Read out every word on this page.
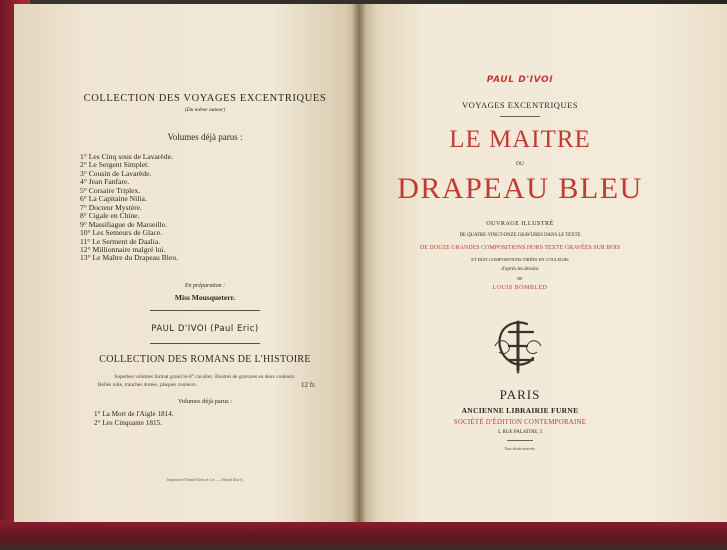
COLLECTION DES VOYAGES EXCENTRIQUES
(Du même auteur)
Volumes déjà parus :
1° Les Cinq sous de Lavarède.
2° Le Sergent Simplet.
3° Cousin de Lavarède.
4° Jean Fanfare.
5° Corsaire Triplex.
6° La Capitaine Nilia.
7° Docteur Mystère.
8° Cigale en Chine.
9° Massiliague de Marseille.
10° Les Semeurs de Glace.
11° Le Serment de Daalia.
12° Millionnaire malgré lui.
13° Le Maître du Drapeau Bleu.
En préparation :
Miss Mousqueterr.
PAUL D'IVOI (Paul Eric)
COLLECTION DES ROMANS DE L'HISTOIRE
Superbes volumes format grand in-8° cavalier, illustrés de gravures en deux couleurs.
Reliés toile, tranches dorées, plaques couleurs.	12 fr.
Volumes déjà parus :
1° La Mort de l'Aigle 1814.
2° Les Cinquante 1815.
Imprimerie Firmin-Didot et Cie. — Mesnil (Eure).
PAUL D'IVOI
VOYAGES EXCENTRIQUES
LE MAITRE
DU
DRAPEAU BLEU
OUVRAGE ILLUSTRÉ
DE QUATRE-VINGT-ONZE GRAVURES DANS LE TEXTE
DE DOUZE GRANDES COMPOSITIONS HORS TEXTE GRAVÉES SUR BOIS
ET HUIT COMPOSITIONS TIRÉES EN COULEURS
d'après les dessins
DE
LOUIS BOMBLED
PARIS
ANCIENNE LIBRAIRIE FURNE
SOCIÉTÉ D'ÉDITION CONTEMPORAINE
5, RUE PALATINE, 5
Tous droits réservés.
